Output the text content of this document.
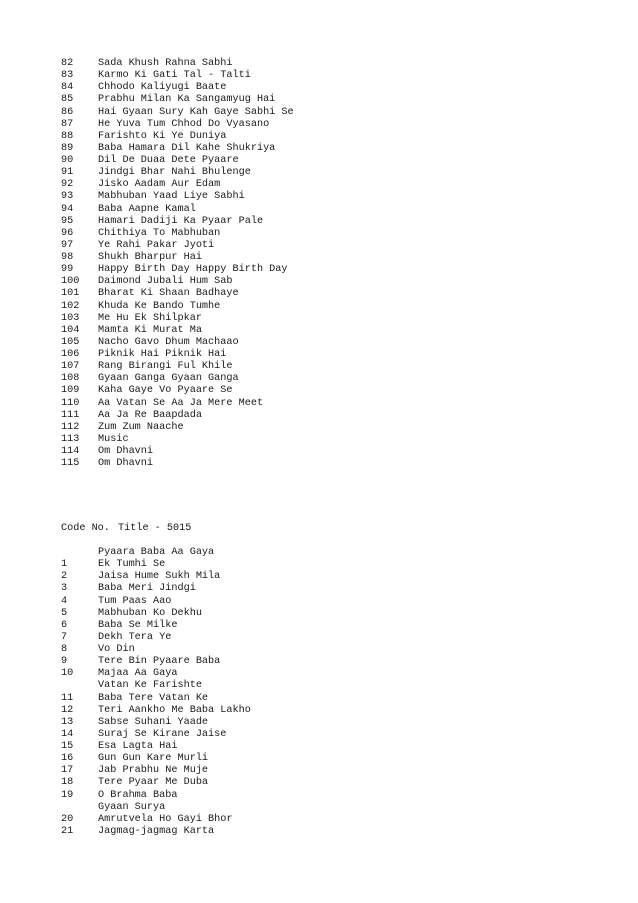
82 Sada Khush Rahna Sabhi
83 Karmo Ki Gati Tal - Talti
84 Chhodo Kaliyugi Baate
85 Prabhu Milan Ka Sangamyug Hai
86 Hai Gyaan Sury Kah Gaye Sabhi Se
87 He Yuva Tum Chhod Do Vyasano
88 Farishto Ki Ye Duniya
89 Baba Hamara Dil Kahe Shukriya
90 Dil De Duaa Dete Pyaare
91 Jindgi Bhar Nahi Bhulenge
92 Jisko Aadam Aur Edam
93 Mabhuban Yaad Liye Sabhi
94 Baba Aapne Kamal
95 Hamari Dadiji Ka Pyaar Pale
96 Chithiya To Mabhuban
97 Ye Rahi Pakar Jyoti
98 Shukh Bharpur Hai
99 Happy Birth Day Happy Birth Day
100 Daimond Jubali Hum Sab
101 Bharat Ki Shaan Badhaye
102 Khuda Ke Bando Tumhe
103 Me Hu Ek Shilpkar
104 Mamta Ki Murat Ma
105 Nacho Gavo Dhum Machaao
106 Piknik Hai Piknik Hai
107 Rang Birangi Ful Khile
108 Gyaan Ganga Gyaan Ganga
109 Kaha Gaye Vo Pyaare Se
110 Aa Vatan Se Aa Ja Mere Meet
111 Aa Ja Re Baapdada
112 Zum Zum Naache
113 Music
114 Om Dhavni
115 Om Dhavni
Code No. Title - 5015
Pyaara Baba Aa Gaya
1	Ek Tumhi Se
2	Jaisa Hume Sukh Mila
3	Baba Meri Jindgi
4	Tum Paas Aao
5	Mabhuban Ko Dekhu
6	Baba Se Milke
7	Dekh Tera Ye
8	Vo Din
9	Tere Bin Pyaare Baba
10 Majaa Aa Gaya
Vatan Ke Farishte
11 Baba Tere Vatan Ke
12 Teri Aankho Me Baba Lakho
13 Sabse Suhani Yaade
14 Suraj Se Kirane Jaise
15 Esa Lagta Hai
16 Gun Gun Kare Murli
17 Jab Prabhu Ne Muje
18 Tere Pyaar Me Duba
19 O Brahma Baba
Gyaan Surya
20 Amrutvela Ho Gayi Bhor
21 Jagmag-jagmag Karta
